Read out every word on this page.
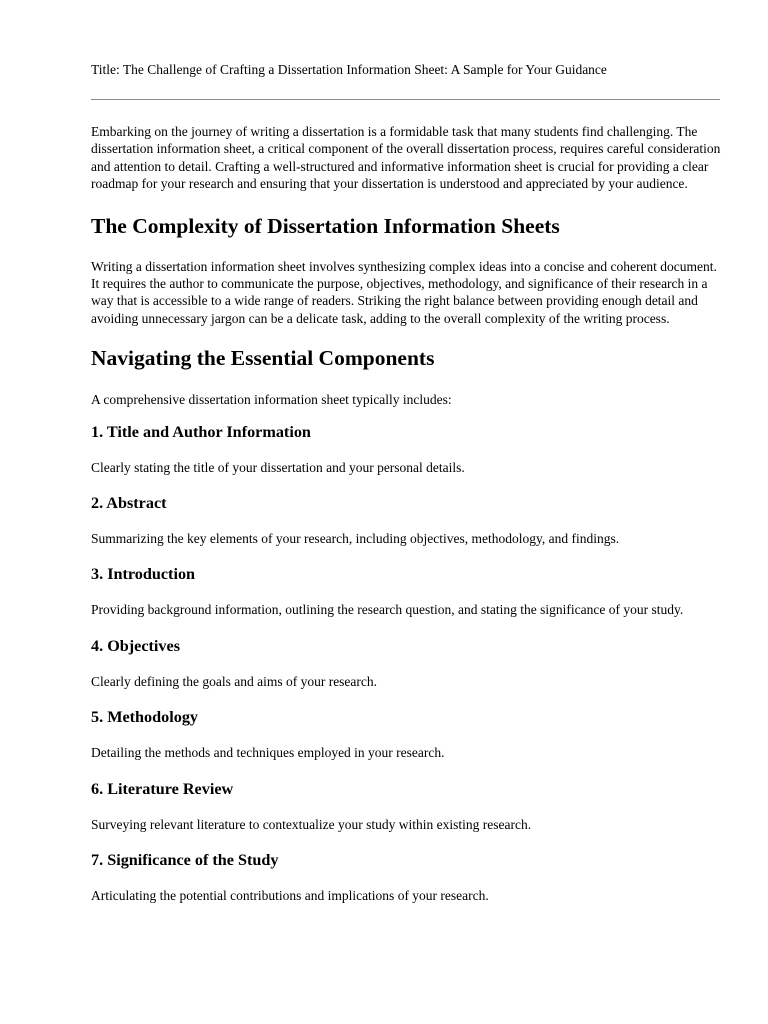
Title: The Challenge of Crafting a Dissertation Information Sheet: A Sample for Your Guidance

Embarking on the journey of writing a dissertation is a formidable task that many students find challenging. The dissertation information sheet, a critical component of the overall dissertation process, requires careful consideration and attention to detail. Crafting a well-structured and informative information sheet is crucial for providing a clear roadmap for your research and ensuring that your dissertation is understood and appreciated by your audience.

The Complexity of Dissertation Information Sheets

Writing a dissertation information sheet involves synthesizing complex ideas into a concise and coherent document. It requires the author to communicate the purpose, objectives, methodology, and significance of their research in a way that is accessible to a wide range of readers. Striking the right balance between providing enough detail and avoiding unnecessary jargon can be a delicate task, adding to the overall complexity of the writing process.

Navigating the Essential Components

A comprehensive dissertation information sheet typically includes:

1. Title and Author Information

Clearly stating the title of your dissertation and your personal details.

2. Abstract

Summarizing the key elements of your research, including objectives, methodology, and findings.

3. Introduction

Providing background information, outlining the research question, and stating the significance of your study.

4. Objectives

Clearly defining the goals and aims of your research.

5. Methodology

Detailing the methods and techniques employed in your research.

6. Literature Review

Surveying relevant literature to contextualize your study within existing research.

7. Significance of the Study

Articulating the potential contributions and implications of your research.
